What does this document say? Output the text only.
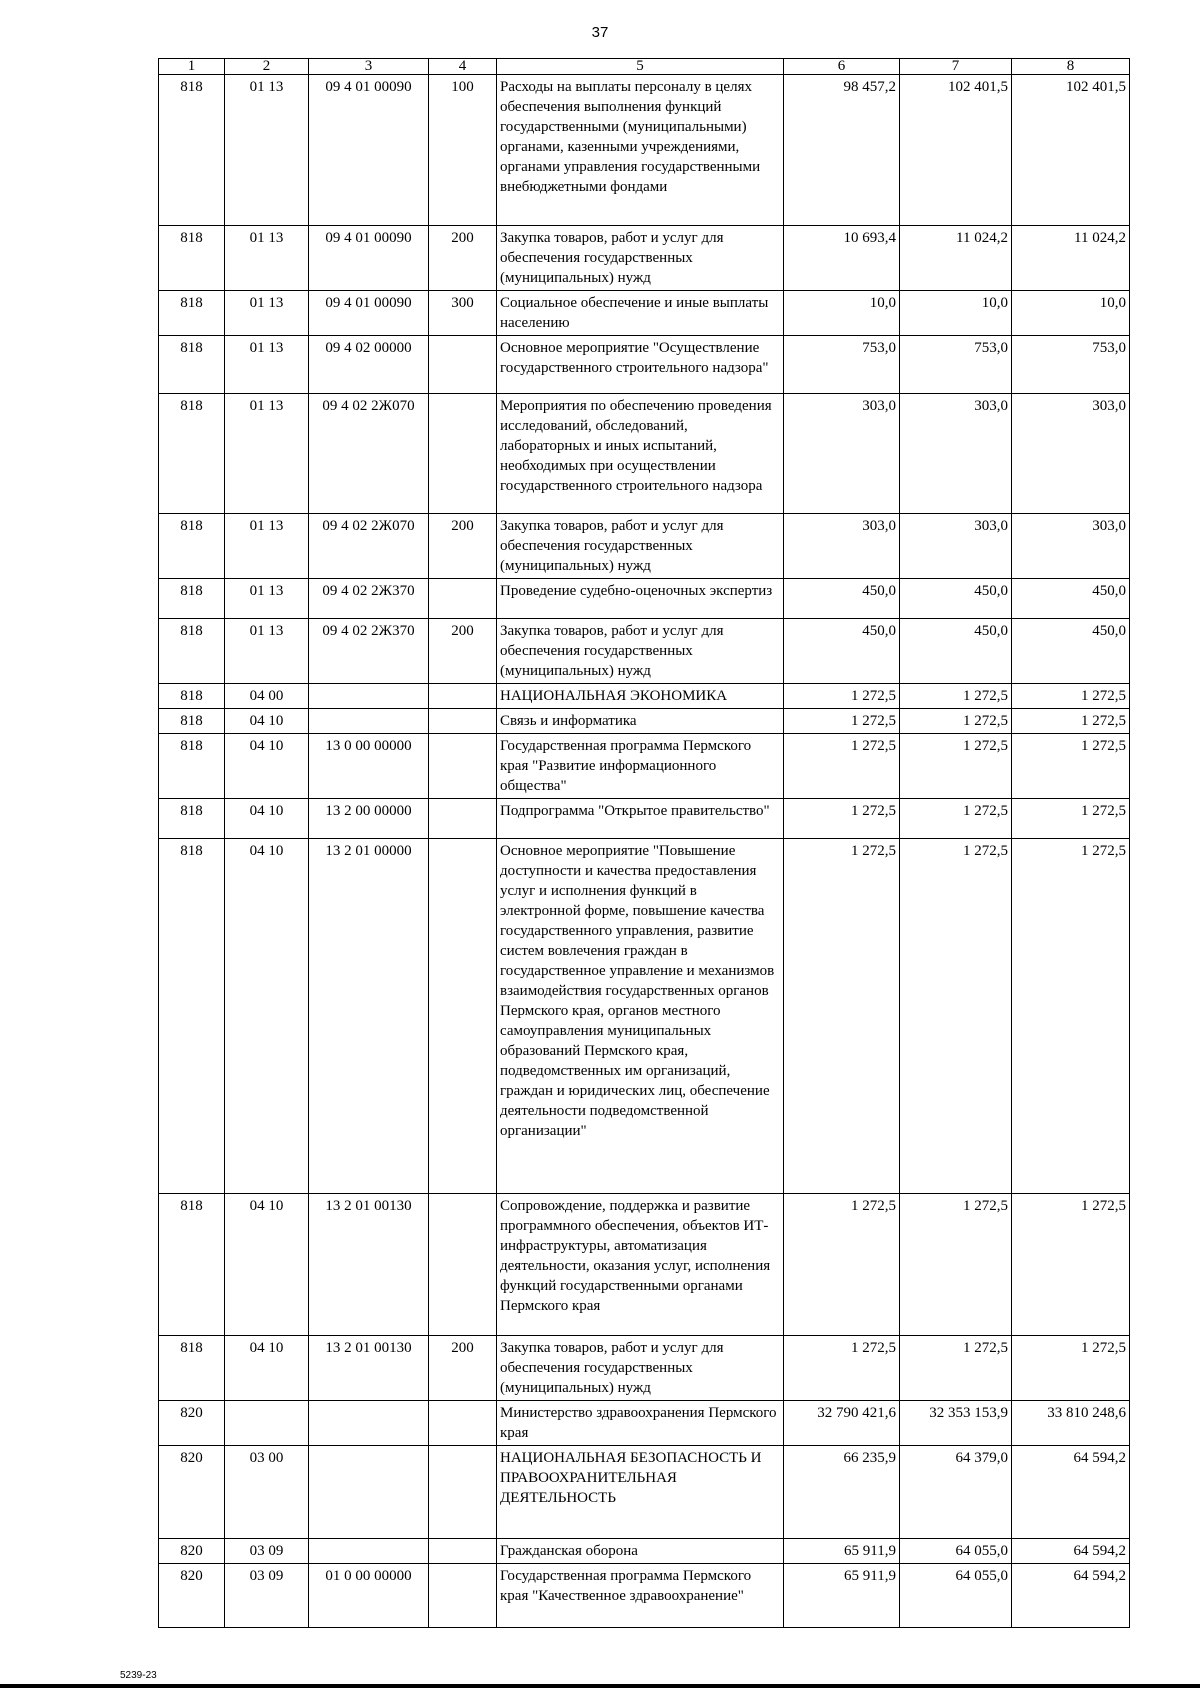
37
1	2	3	4	5	6	7	8
818	01 13	09 4 01 00090	100	Расходы на выплаты персоналу в целях обеспечения выполнения функций государственными (муниципальными) органами, казенными учреждениями, органами управления государственными внебюджетными фондами	98 457,2	102 401,5	102 401,5
818	01 13	09 4 01 00090	200	Закупка товаров, работ и услуг для обеспечения государственных (муниципальных) нужд	10 693,4	11 024,2	11 024,2
818	01 13	09 4 01 00090	300	Социальное обеспечение и иные выплаты населению	10,0	10,0	10,0
818	01 13	09 4 02 00000		Основное мероприятие "Осуществление государственного строительного надзора"	753,0	753,0	753,0
818	01 13	09 4 02 2Ж070		Мероприятия по обеспечению проведения исследований, обследований, лабораторных и иных испытаний, необходимых при осуществлении государственного строительного надзора	303,0	303,0	303,0
818	01 13	09 4 02 2Ж070	200	Закупка товаров, работ и услуг для обеспечения государственных (муниципальных) нужд	303,0	303,0	303,0
818	01 13	09 4 02 2Ж370		Проведение судебно-оценочных экспертиз	450,0	450,0	450,0
818	01 13	09 4 02 2Ж370	200	Закупка товаров, работ и услуг для обеспечения государственных (муниципальных) нужд	450,0	450,0	450,0
818	04 00			НАЦИОНАЛЬНАЯ ЭКОНОМИКА	1 272,5	1 272,5	1 272,5
818	04 10			Связь и информатика	1 272,5	1 272,5	1 272,5
818	04 10	13 0 00 00000		Государственная программа Пермского края "Развитие информационного общества"	1 272,5	1 272,5	1 272,5
818	04 10	13 2 00 00000		Подпрограмма "Открытое правительство"	1 272,5	1 272,5	1 272,5
818	04 10	13 2 01 00000		Основное мероприятие "Повышение доступности и качества предоставления услуг и исполнения функций в электронной форме, повышение качества государственного управления, развитие систем вовлечения граждан в государственное управление и механизмов взаимодействия государственных органов Пермского края, органов местного самоуправления муниципальных образований Пермского края, подведомственных им организаций, граждан и юридических лиц, обеспечение деятельности подведомственной организации"	1 272,5	1 272,5	1 272,5
818	04 10	13 2 01 00130		Сопровождение, поддержка и развитие программного обеспечения, объектов ИТ-инфраструктуры, автоматизация деятельности, оказания услуг, исполнения функций государственными органами Пермского края	1 272,5	1 272,5	1 272,5
818	04 10	13 2 01 00130	200	Закупка товаров, работ и услуг для обеспечения государственных (муниципальных) нужд	1 272,5	1 272,5	1 272,5
820				Министерство здравоохранения Пермского края	32 790 421,6	32 353 153,9	33 810 248,6
820	03 00			НАЦИОНАЛЬНАЯ БЕЗОПАСНОСТЬ И ПРАВООХРАНИТЕЛЬНАЯ ДЕЯТЕЛЬНОСТЬ	66 235,9	64 379,0	64 594,2
820	03 09			Гражданская оборона	65 911,9	64 055,0	64 594,2
820	03 09	01 0 00 00000		Государственная программа Пермского края "Качественное здравоохранение"	65 911,9	64 055,0	64 594,2
5239-23
